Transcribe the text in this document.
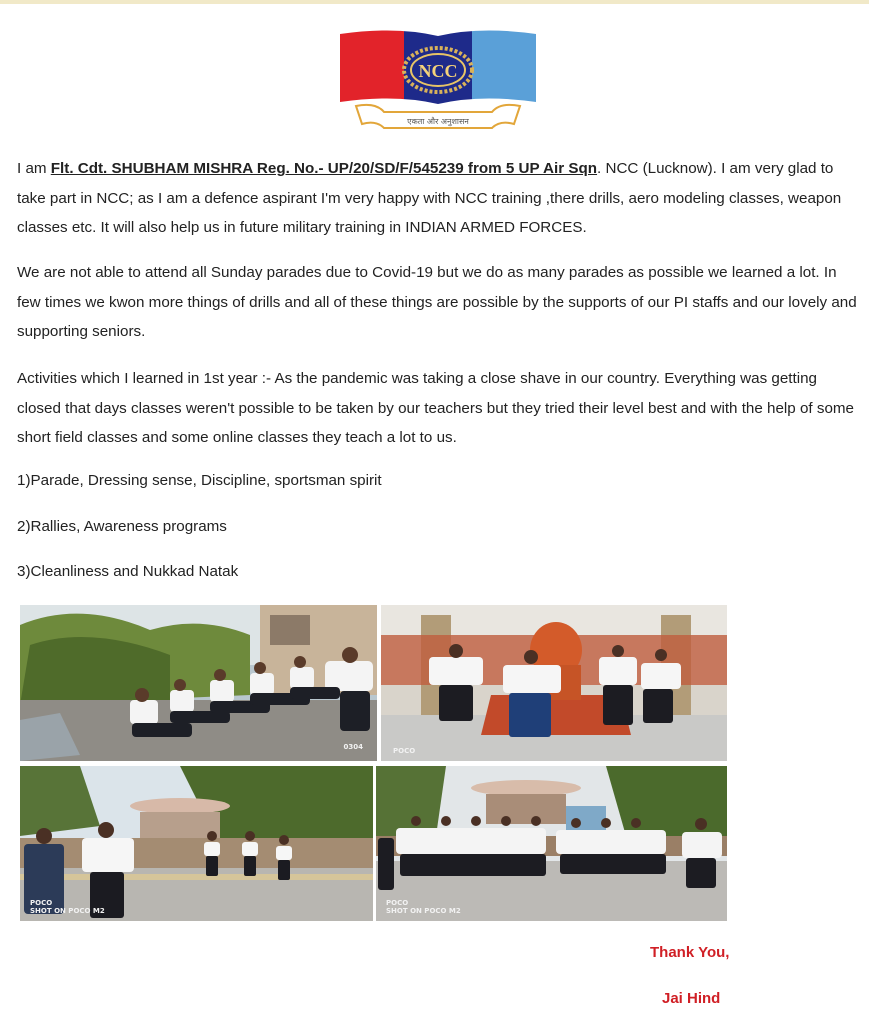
NCC
एकता और अनुशासन

I am Flt. Cdt. SHUBHAM MISHRA Reg. No.- UP/20/SD/F/545239 from 5 UP Air Sqn. NCC (Lucknow). I am very glad to take part in NCC; as I am a defence aspirant I'm very happy with NCC training ,there drills, aero modeling classes, weapon classes etc. It will also help us in future military training in INDIAN ARMED FORCES.

We are not able to attend all Sunday parades due to Covid-19 but we do as many parades as possible we learned a lot. In few times we kwon more things of drills and all of these things are possible by the supports of our PI staffs and our lovely and supporting seniors.

Activities which I learned in 1st year :- As the pandemic was taking a close shave in our country. Everything was getting closed that days classes weren't possible to be taken by our teachers but they tried their level best and with the help of some short field classes and some online classes they teach a lot to us.

1)Parade, Dressing sense, Discipline, sportsman spirit

2)Rallies, Awareness programs

3)Cleanliness and Nukkad Natak

0304	POCO
POCO
SHOT ON POCO M2
POCO
SHOT ON POCO M2
Thank You,
Jai Hind
